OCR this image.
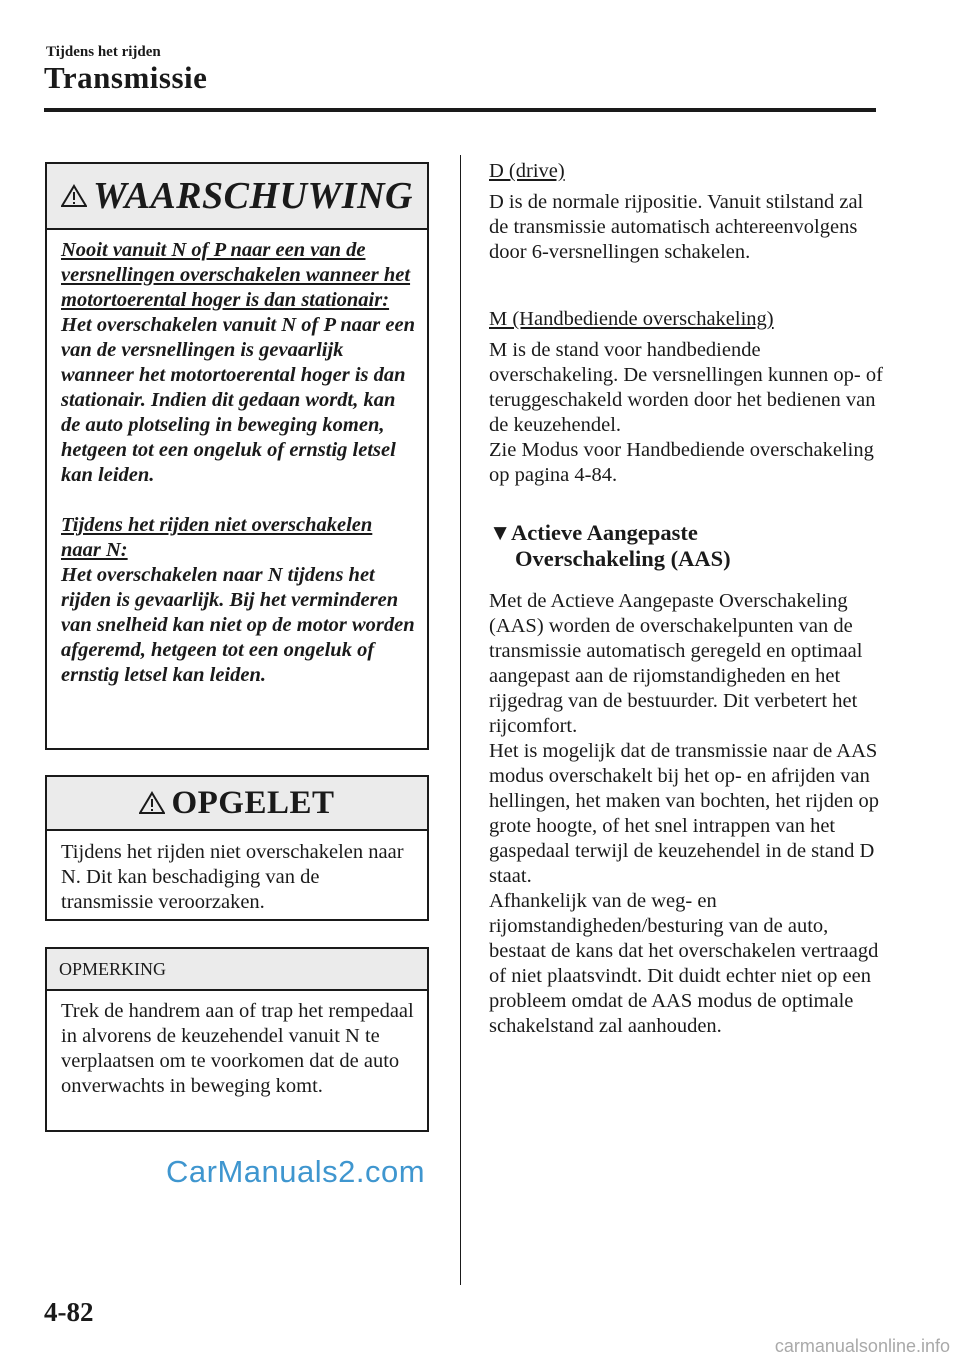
Tijdens het rijden
Transmissie
WAARSCHUWING
Nooit vanuit N of P naar een van de versnellingen overschakelen wanneer het motortoerental hoger is dan stationair:
Het overschakelen vanuit N of P naar een van de versnellingen is gevaarlijk wanneer het motortoerental hoger is dan stationair. Indien dit gedaan wordt, kan de auto plotseling in beweging komen, hetgeen tot een ongeluk of ernstig letsel kan leiden.
Tijdens het rijden niet overschakelen naar N:
Het overschakelen naar N tijdens het rijden is gevaarlijk. Bij het verminderen van snelheid kan niet op de motor worden afgeremd, hetgeen tot een ongeluk of ernstig letsel kan leiden.
OPGELET
Tijdens het rijden niet overschakelen naar N. Dit kan beschadiging van de transmissie veroorzaken.
OPMERKING
Trek de handrem aan of trap het rempedaal in alvorens de keuzehendel vanuit N te verplaatsen om te voorkomen dat de auto onverwachts in beweging komt.
CarManuals2.com
4-82
carmanualsonline.info
D (drive)
D is de normale rijpositie. Vanuit stilstand zal de transmissie automatisch achtereenvolgens door 6-versnellingen schakelen.
M (Handbediende overschakeling)
M is de stand voor handbediende overschakeling. De versnellingen kunnen op- of teruggeschakeld worden door het bedienen van de keuzehendel.
Zie Modus voor Handbediende overschakeling op pagina 4-84.
▼Actieve Aangepaste
Overschakeling (AAS)
Met de Actieve Aangepaste Overschakeling (AAS) worden de overschakelpunten van de transmissie automatisch geregeld en optimaal aangepast aan de rijomstandigheden en het rijgedrag van de bestuurder. Dit verbetert het rijcomfort.
Het is mogelijk dat de transmissie naar de AAS modus overschakelt bij het op- en afrijden van hellingen, het maken van bochten, het rijden op grote hoogte, of het snel intrappen van het gaspedaal terwijl de keuzehendel in de stand D staat.
Afhankelijk van de weg- en rijomstandigheden/besturing van de auto, bestaat de kans dat het overschakelen vertraagd of niet plaatsvindt. Dit duidt echter niet op een probleem omdat de AAS modus de optimale schakelstand zal aanhouden.
